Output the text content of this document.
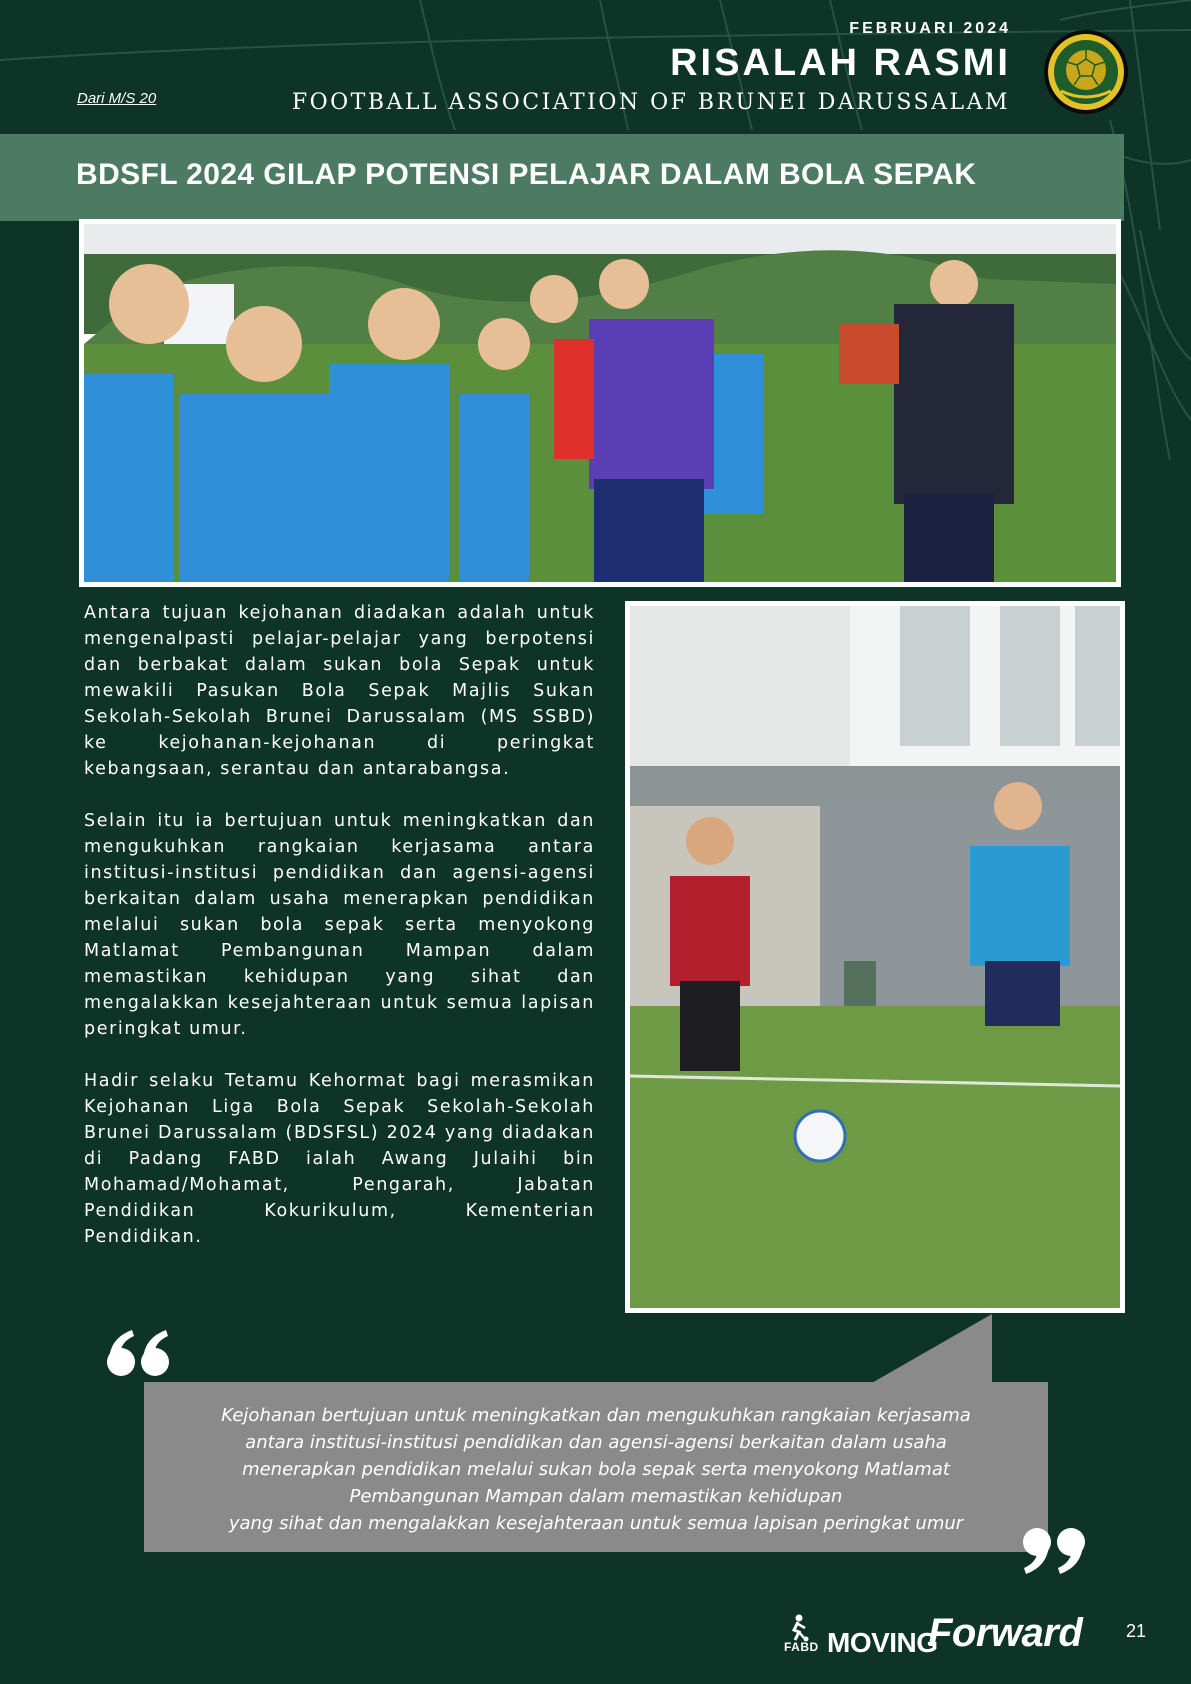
FEBRUARI 2024
RISALAH RASMI
FOOTBALL ASSOCIATION OF BRUNEI DARUSSALAM
Dari M/S 20
BDSFL 2024 GILAP POTENSI PELAJAR DALAM BOLA SEPAK

Antara tujuan kejohanan diadakan adalah untuk mengenalpasti pelajar-pelajar yang berpotensi dan berbakat dalam sukan bola Sepak untuk mewakili Pasukan Bola Sepak Majlis Sukan Sekolah-Sekolah Brunei Darussalam (MS SSBD) ke kejohanan-kejohanan di peringkat kebangsaan, serantau dan antarabangsa.

Selain itu ia bertujuan untuk meningkatkan dan mengukuhkan rangkaian kerjasama antara institusi-institusi pendidikan dan agensi-agensi berkaitan dalam usaha menerapkan pendidikan melalui sukan bola sepak serta menyokong Matlamat Pembangunan Mampan dalam memastikan kehidupan yang sihat dan mengalakkan kesejahteraan untuk semua lapisan peringkat umur.

Hadir selaku Tetamu Kehormat bagi merasmikan Kejohanan Liga Bola Sepak Sekolah-Sekolah Brunei Darussalam (BDSFSL) 2024 yang diadakan di Padang FABD ialah Awang Julaihi bin Mohamad/Mohamat, Pengarah, Jabatan Pendidikan Kokurikulum, Kementerian Pendidikan.

Kejohanan bertujuan untuk meningkatkan dan mengukuhkan rangkaian kerjasama
antara institusi-institusi pendidikan dan agensi-agensi berkaitan dalam usaha
menerapkan pendidikan melalui sukan bola sepak serta menyokong Matlamat
Pembangunan Mampan dalam memastikan kehidupan
yang sihat dan mengalakkan kesejahteraan untuk semua lapisan peringkat umur
FABD MOVING
Forward 21
